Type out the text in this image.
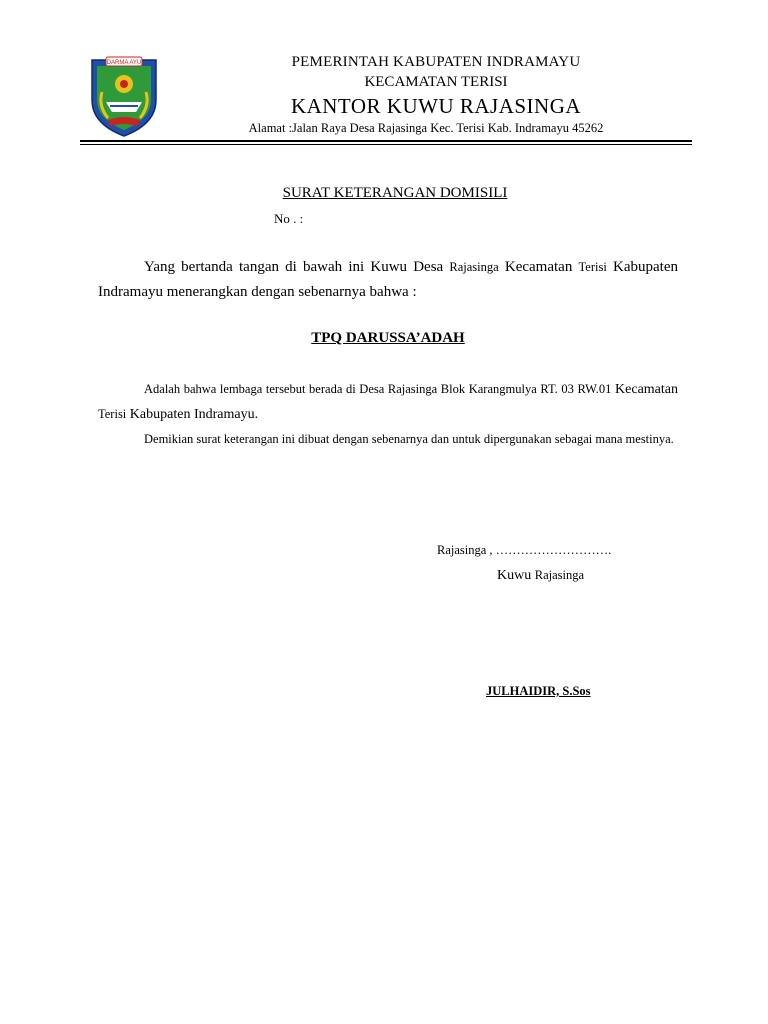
DARMA AYU	PEMERINTAH KABUPATEN INDRAMAYU
KECAMATAN TERISI
KANTOR KUWU RAJASINGA
Alamat :Jalan Raya Desa Rajasinga Kec. Terisi Kab. Indramayu 45262
SURAT KETERANGAN DOMISILI
No . :
Yang bertanda tangan di bawah ini Kuwu Desa Rajasinga Kecamatan Terisi Kabupaten Indramayu menerangkan dengan sebenarnya bahwa :
TPQ DARUSSA’ADAH
Adalah bahwa lembaga tersebut berada di Desa Rajasinga Blok Karangmulya RT. 03 RW.01 Kecamatan Terisi Kabupaten Indramayu.
Demikian surat keterangan ini dibuat dengan sebenarnya dan untuk dipergunakan sebagai mana mestinya.
Rajasinga , ……………………….
Kuwu Rajasinga
JULHAIDIR, S.Sos
